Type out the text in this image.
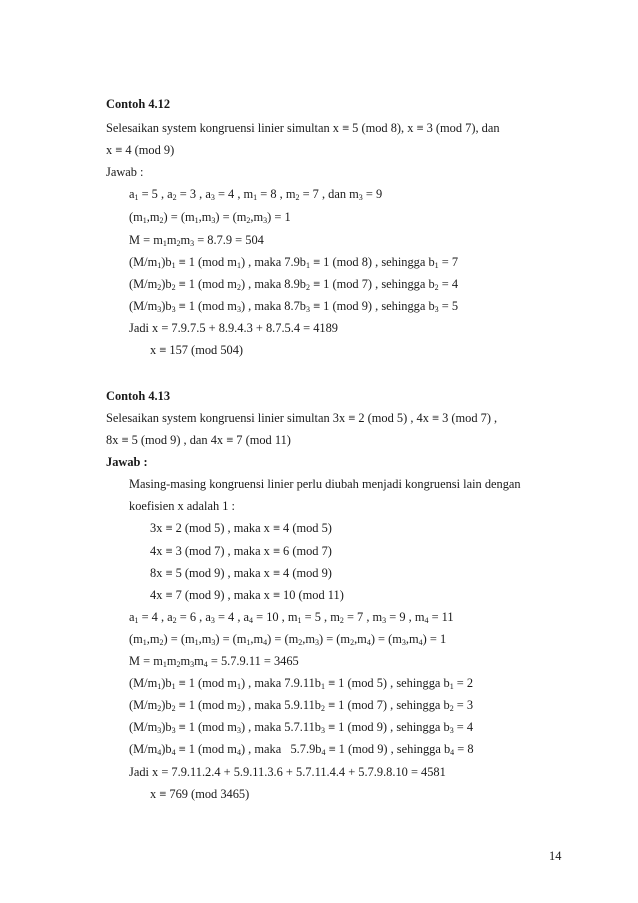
Contoh 4.12
Selesaikan system kongruensi linier simultan x ≡ 5 (mod 8), x ≡ 3 (mod 7), dan
x ≡ 4 (mod 9)
Jawab :
$a_1 = 5$ , $a_2 = 3$ , $a_3 = 4$ , $m_1 = 8$ , $m_2 = 7$ , dan $m_3 = 9$
$(m_1,m_2) = (m_1,m_3) = (m_2,m_3) = 1$
$M = m_1m_2m_3 = 8.7.9 = 504$
$(M/m_1)b_1 \equiv 1$ (mod $m_1$) , maka $7.9b_1 \equiv 1$ (mod 8) , sehingga $b_1 = 7$
$(M/m_2)b_2 \equiv 1$ (mod $m_2$) , maka $8.9b_2 \equiv 1$ (mod 7) , sehingga $b_2 = 4$
$(M/m_3)b_3 \equiv 1$ (mod $m_3$) , maka $8.7b_3 \equiv 1$ (mod 9) , sehingga $b_3 = 5$
Jadi x = 7.9.7.5 + 8.9.4.3 + 8.7.5.4 = 4189
x ≡ 157 (mod 504)
Contoh 4.13
Selesaikan system kongruensi linier simultan 3x ≡ 2 (mod 5) , 4x ≡ 3 (mod 7) ,
8x ≡ 5 (mod 9) , dan 4x ≡ 7 (mod 11)
Jawab :
Masing-masing kongruensi linier perlu diubah menjadi kongruensi lain dengan
koefisien x adalah 1 :
3x ≡ 2 (mod 5) , maka x ≡ 4 (mod 5)
4x ≡ 3 (mod 7) , maka x ≡ 6 (mod 7)
8x ≡ 5 (mod 9) , maka x ≡ 4 (mod 9)
4x ≡ 7 (mod 9) , maka x ≡ 10 (mod 11)
$a_1 = 4$ , $a_2 = 6$ , $a_3 = 4$ , $a_4 = 10$ , $m_1 = 5$ , $m_2 = 7$ , $m_3 = 9$ , $m_4 = 11$
$(m_1,m_2) = (m_1,m_3) = (m_1,m_4) = (m_2,m_3) = (m_2,m_4) = (m_3,m_4) = 1$
$M = m_1m_2m_3m_4 = 5.7.9.11 = 3465$
$(M/m_1)b_1 \equiv 1$ (mod $m_1$) , maka $7.9.11b_1 \equiv 1$ (mod 5) , sehingga $b_1 = 2$
$(M/m_2)b_2 \equiv 1$ (mod $m_2$) , maka $5.9.11b_2 \equiv 1$ (mod 7) , sehingga $b_2 = 3$
$(M/m_3)b_3 \equiv 1$ (mod $m_3$) , maka $5.7.11b_3 \equiv 1$ (mod 9) , sehingga $b_3 = 4$
$(M/m_4)b_4 \equiv 1$ (mod $m_4$) , maka   $5.7.9b_4 \equiv 1$ (mod 9) , sehingga $b_4 = 8$
Jadi x = 7.9.11.2.4 + 5.9.11.3.6 + 5.7.11.4.4 + 5.7.9.8.10 = 4581
x ≡ 769 (mod 3465)
14
